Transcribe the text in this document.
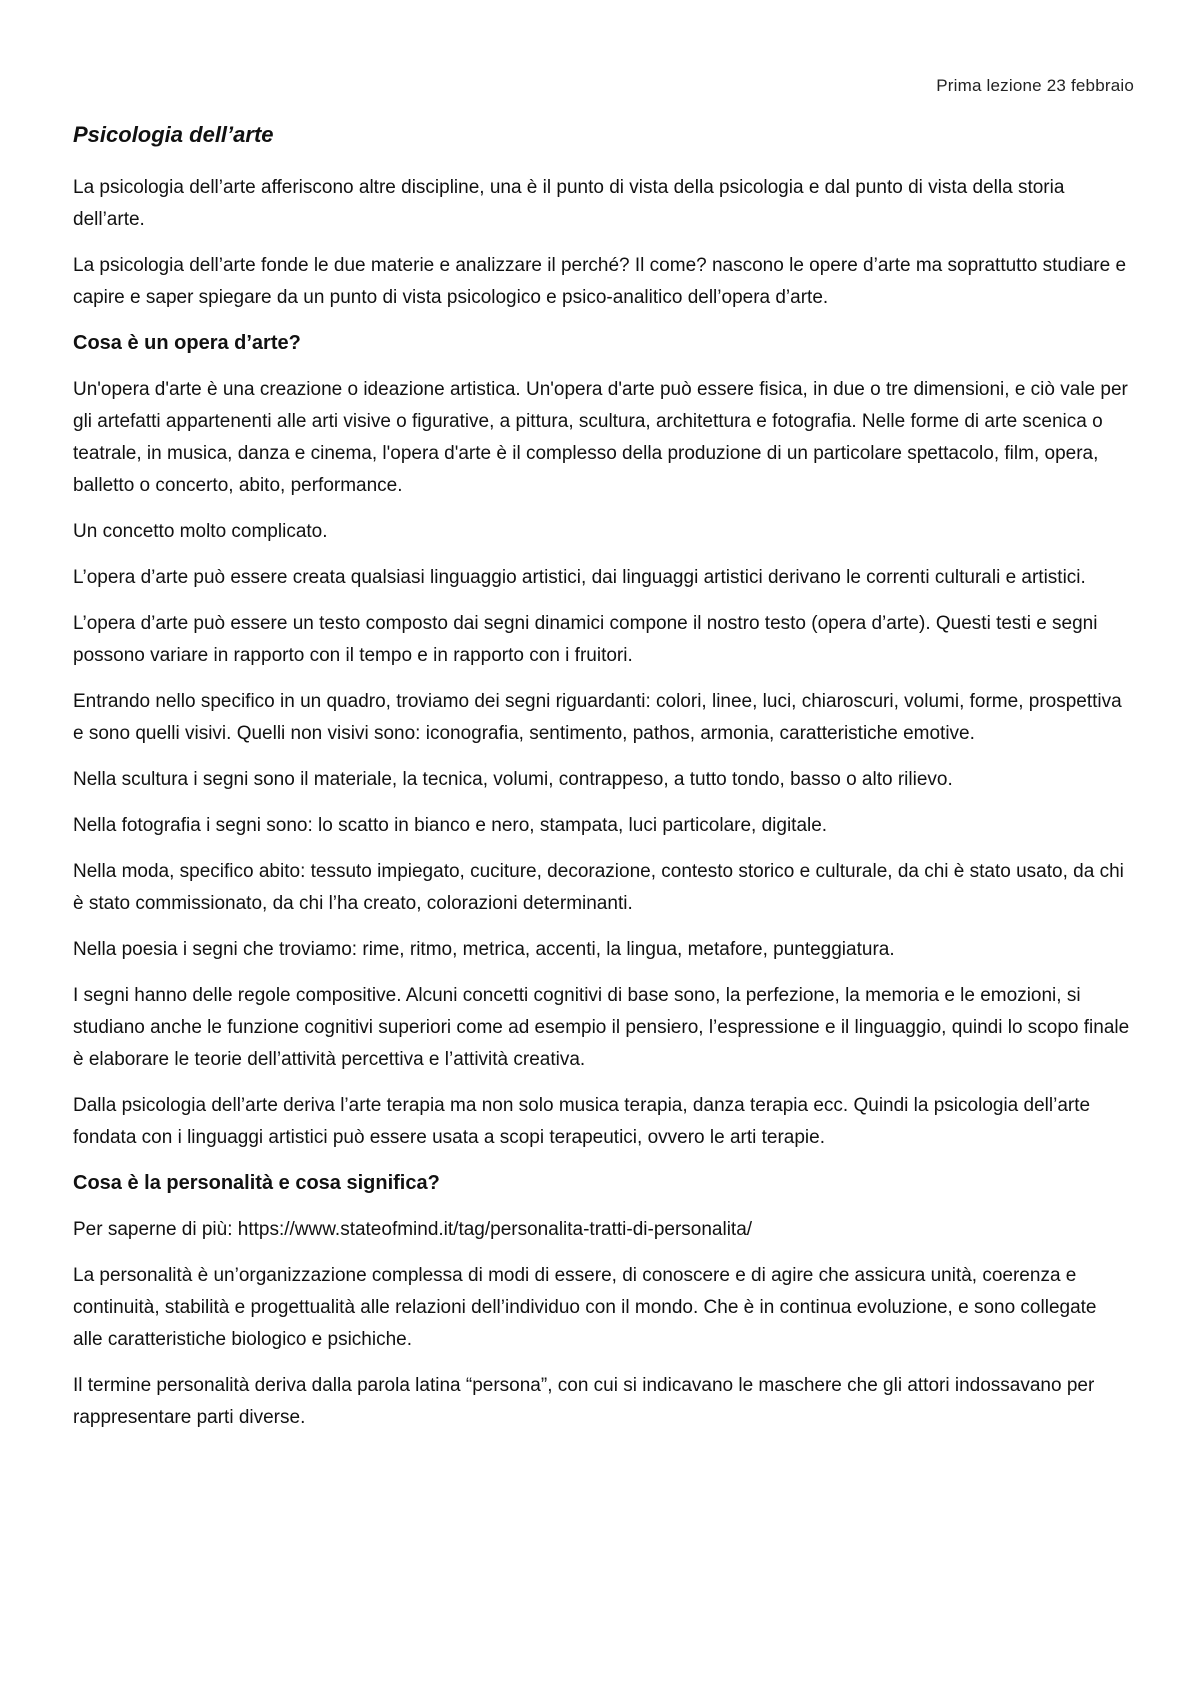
Prima lezione 23 febbraio
Psicologia dell’arte

La psicologia dell’arte afferiscono altre discipline, una è il punto di vista della psicologia e dal punto di vista della storia dell’arte.

La psicologia dell’arte fonde le due materie e analizzare il perché? Il come? nascono le opere d’arte ma soprattutto studiare e capire e saper spiegare da un punto di vista psicologico e psico-analitico dell’opera d’arte.

Cosa è un opera d’arte?

Un'opera d'arte è una creazione o ideazione artistica. Un'opera d'arte può essere fisica, in due o tre dimensioni, e ciò vale per gli artefatti appartenenti alle arti visive o figurative, a pittura, scultura, architettura e fotografia. Nelle forme di arte scenica o teatrale, in musica, danza e cinema, l'opera d'arte è il complesso della produzione di un particolare spettacolo, film, opera, balletto o concerto, abito, performance.

Un concetto molto complicato.

L’opera d’arte può essere creata qualsiasi linguaggio artistici, dai linguaggi artistici derivano le correnti culturali e artistici.

L’opera d’arte può essere un testo composto dai segni dinamici compone il nostro testo (opera d’arte). Questi testi e segni possono variare in rapporto con il tempo e in rapporto con i fruitori.

Entrando nello specifico in un quadro, troviamo dei segni riguardanti: colori, linee, luci, chiaroscuri, volumi, forme, prospettiva e sono quelli visivi. Quelli non visivi sono: iconografia, sentimento, pathos, armonia, caratteristiche emotive.

Nella scultura i segni sono il materiale, la tecnica, volumi, contrappeso, a tutto tondo, basso o alto rilievo.

Nella fotografia i segni sono: lo scatto in bianco e nero, stampata, luci particolare, digitale.

Nella moda, specifico abito: tessuto impiegato, cuciture, decorazione, contesto storico e culturale, da chi è stato usato, da chi è stato commissionato, da chi l’ha creato, colorazioni determinanti.

Nella poesia i segni che troviamo: rime, ritmo, metrica, accenti, la lingua, metafore, punteggiatura.

I segni hanno delle regole compositive. Alcuni concetti cognitivi di base sono, la perfezione, la memoria e le emozioni, si studiano anche le funzione cognitivi superiori come ad esempio il pensiero, l’espressione e il linguaggio, quindi lo scopo finale è elaborare le teorie dell’attività percettiva e l’attività creativa.

Dalla psicologia dell’arte deriva l’arte terapia ma non solo musica terapia, danza terapia ecc. Quindi la psicologia dell’arte fondata con i linguaggi artistici può essere usata a scopi terapeutici, ovvero le arti terapie.

Cosa è la personalità e cosa significa?

Per saperne di più: https://www.stateofmind.it/tag/personalita-tratti-di-personalita/

La personalità è un’organizzazione complessa di modi di essere, di conoscere e di agire che assicura unità, coerenza e continuità, stabilità e progettualità alle relazioni dell’individuo con il mondo. Che è in continua evoluzione, e sono collegate alle caratteristiche biologico e psichiche.

Il termine personalità deriva dalla parola latina “persona”, con cui si indicavano le maschere che gli attori indossavano per rappresentare parti diverse.
